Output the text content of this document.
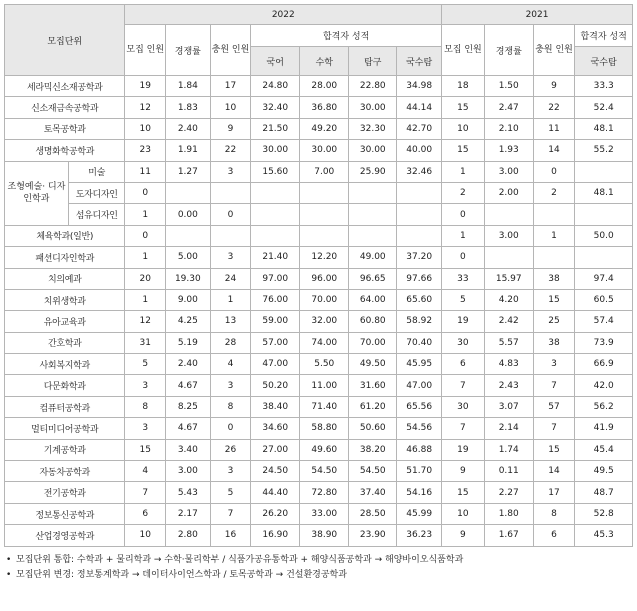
모집단위		2022							2021			
		모집 인원	경쟁률	충원 인원	합격자 성적				모집 인원	경쟁률	충원 인원	합격자 성적
					국어	수학	탐구	국수탐				국수탐
세라믹신소재공학과		19	1.84	17	24.80	28.00	22.80	34.98	18	1.50	9	33.3
신소재금속공학과		12	1.83	10	32.40	36.80	30.00	44.14	15	2.47	22	52.4
토목공학과		10	2.40	9	21.50	49.20	32.30	42.70	10	2.10	11	48.1
생명화학공학과		23	1.91	22	30.00	30.00	30.00	40.00	15	1.93	14	55.2
조형예술· 디자인학과	미술	11	1.27	3	15.60	7.00	25.90	32.46	1	3.00	0	
	도자디자인	0							2	2.00	2	48.1
	섬유디자인	1	0.00	0					0			
체육학과(일반)		0							1	3.00	1	50.0
패션디자인학과		1	5.00	3	21.40	12.20	49.00	37.20	0			
치의예과		20	19.30	24	97.00	96.00	96.65	97.66	33	15.97	38	97.4
치위생학과		1	9.00	1	76.00	70.00	64.00	65.60	5	4.20	15	60.5
유아교육과		12	4.25	13	59.00	32.00	60.80	58.92	19	2.42	25	57.4
간호학과		31	5.19	28	57.00	74.00	70.00	70.40	30	5.57	38	73.9
사회복지학과		5	2.40	4	47.00	5.50	49.50	45.95	6	4.83	3	66.9
다문화학과		3	4.67	3	50.20	11.00	31.60	47.00	7	2.43	7	42.0
컴퓨터공학과		8	8.25	8	38.40	71.40	61.20	65.56	30	3.07	57	56.2
멀티미디어공학과		3	4.67	0	34.60	58.80	50.60	54.56	7	2.14	7	41.9
기계공학과		15	3.40	26	27.00	49.60	38.20	46.88	19	1.74	15	45.4
자동차공학과		4	3.00	3	24.50	54.50	54.50	51.70	9	0.11	14	49.5
전기공학과		7	5.43	5	44.40	72.80	37.40	54.16	15	2.27	17	48.7
정보통신공학과		6	2.17	7	26.20	33.00	28.50	45.99	10	1.80	8	52.8
산업경영공학과		10	2.80	16	16.90	38.90	23.90	36.23	9	1.67	6	45.3
• 모집단위 통합: 수학과 + 물리학과 → 수학·물리학부 / 식품가공유통학과 + 해양식품공학과 → 해양바이오식품학과
• 모집단위 변경: 정보통계학과 → 데이터사이언스학과 / 토목공학과 → 건설환경공학과
